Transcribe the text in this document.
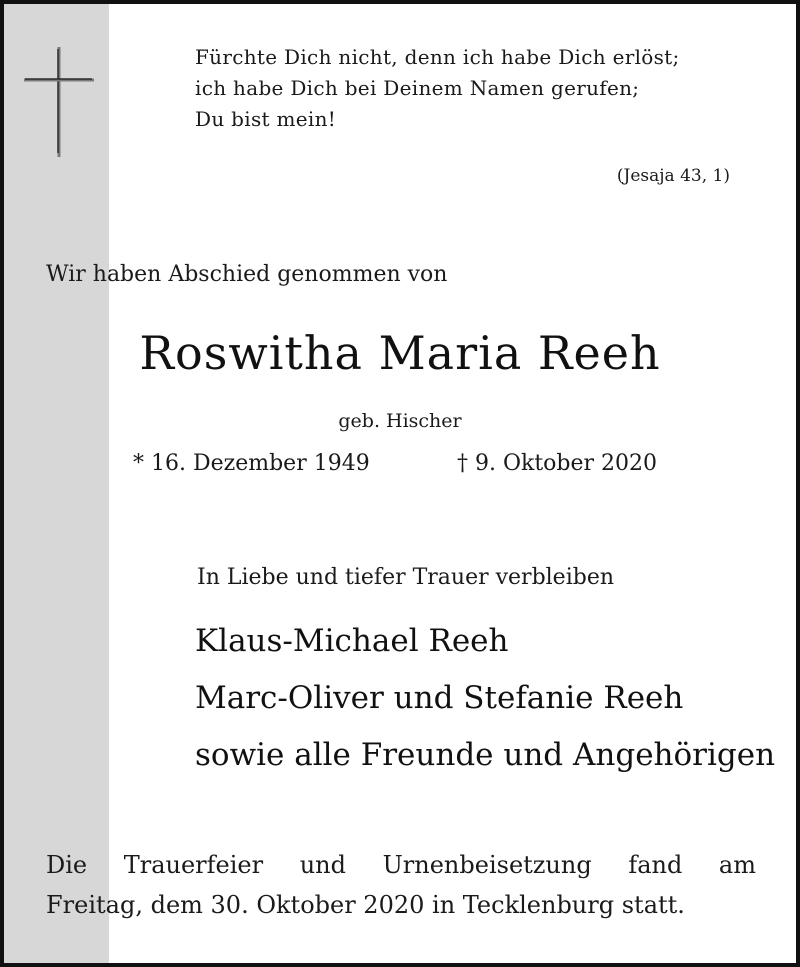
Fürchte Dich nicht, denn ich habe Dich erlöst;
ich habe Dich bei Deinem Namen gerufen;
Du bist mein!
(Jesaja 43, 1)
Wir haben Abschied genommen von
Roswitha Maria Reeh
geb. Hischer
* 16. Dezember 1949	† 9. Oktober 2020
In Liebe und tiefer Trauer verbleiben
Klaus-Michael Reeh
Marc-Oliver und Stefanie Reeh
sowie alle Freunde und Angehörigen
Die Trauerfeier und Urnenbeisetzung fand am
Freitag, dem 30. Oktober 2020 in Tecklenburg statt.
